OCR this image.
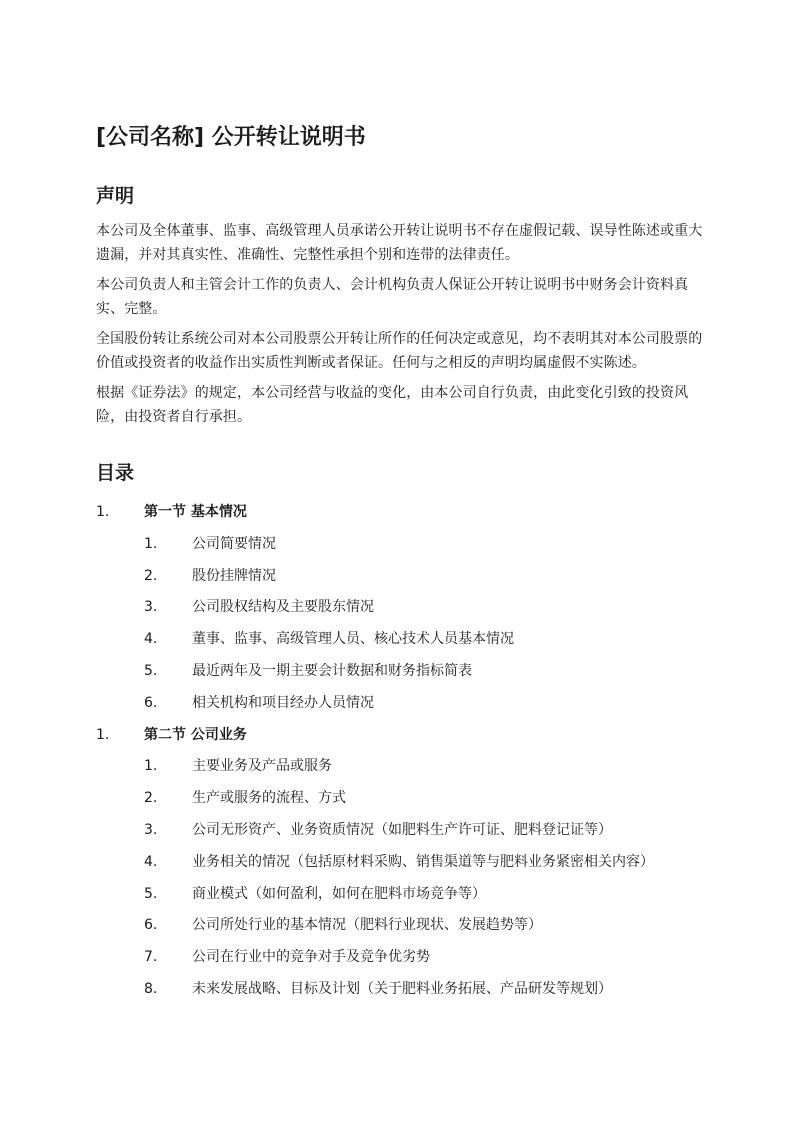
[公司名称] 公开转让说明书
声明

本公司及全体董事、监事、高级管理人员承诺公开转让说明书不存在虚假记载、误导性陈述或重大遗漏，并对其真实性、准确性、完整性承担个别和连带的法律责任。

本公司负责人和主管会计工作的负责人、会计机构负责人保证公开转让说明书中财务会计资料真实、完整。

全国股份转让系统公司对本公司股票公开转让所作的任何决定或意见，均不表明其对本公司股票的价值或投资者的收益作出实质性判断或者保证。任何与之相反的声明均属虚假不实陈述。

根据《证券法》的规定，本公司经营与收益的变化，由本公司自行负责，由此变化引致的投资风险，由投资者自行承担。

目录
1. 第一节 基本情况
1. 公司简要情况
2. 股份挂牌情况
3. 公司股权结构及主要股东情况
4. 董事、监事、高级管理人员、核心技术人员基本情况
5. 最近两年及一期主要会计数据和财务指标简表
6. 相关机构和项目经办人员情况
1. 第二节 公司业务
1. 主要业务及产品或服务
2. 生产或服务的流程、方式
3. 公司无形资产、业务资质情况（如肥料生产许可证、肥料登记证等）
4. 业务相关的情况（包括原材料采购、销售渠道等与肥料业务紧密相关内容）
5. 商业模式（如何盈利，如何在肥料市场竞争等）
6. 公司所处行业的基本情况（肥料行业现状、发展趋势等）
7. 公司在行业中的竞争对手及竞争优劣势
8. 未来发展战略、目标及计划（关于肥料业务拓展、产品研发等规划）
